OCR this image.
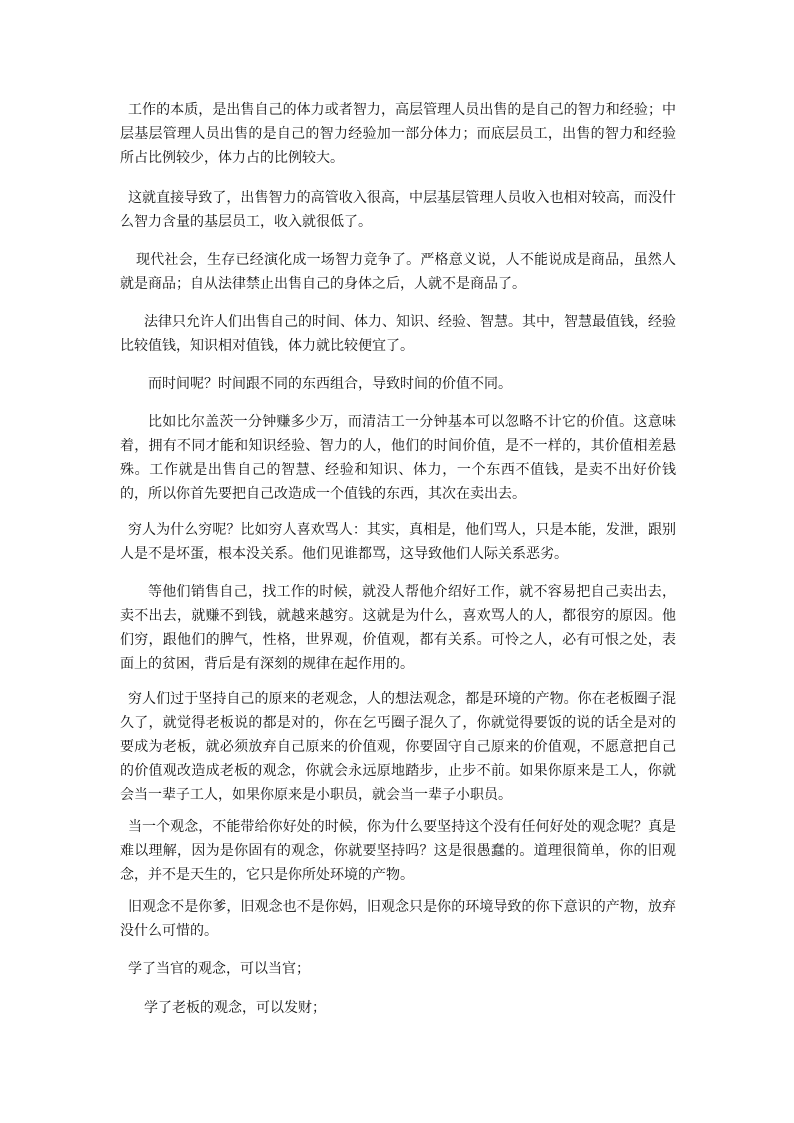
工作的本质，是出售自己的体力或者智力，高层管理人员出售的是自己的智力和经验；中层基层管理人员出售的是自己的智力经验加一部分体力；而底层员工，出售的智力和经验所占比例较少，体力占的比例较大。

这就直接导致了，出售智力的高管收入很高，中层基层管理人员收入也相对较高，而没什么智力含量的基层员工，收入就很低了。

现代社会，生存已经演化成一场智力竞争了。严格意义说，人不能说成是商品，虽然人就是商品；自从法律禁止出售自己的身体之后，人就不是商品了。

法律只允许人们出售自己的时间、体力、知识、经验、智慧。其中，智慧最值钱，经验比较值钱，知识相对值钱，体力就比较便宜了。

而时间呢？时间跟不同的东西组合，导致时间的价值不同。

比如比尔盖茨一分钟赚多少万，而清洁工一分钟基本可以忽略不计它的价值。这意味着，拥有不同才能和知识经验、智力的人，他们的时间价值，是不一样的，其价值相差悬殊。工作就是出售自己的智慧、经验和知识、体力，一个东西不值钱，是卖不出好价钱的，所以你首先要把自己改造成一个值钱的东西，其次在卖出去。

穷人为什么穷呢？比如穷人喜欢骂人：其实，真相是，他们骂人，只是本能，发泄，跟别人是不是坏蛋，根本没关系。他们见谁都骂，这导致他们人际关系恶劣。

等他们销售自己，找工作的时候，就没人帮他介绍好工作，就不容易把自己卖出去，卖不出去，就赚不到钱，就越来越穷。这就是为什么，喜欢骂人的人，都很穷的原因。他们穷，跟他们的脾气，性格，世界观，价值观，都有关系。可怜之人，必有可恨之处，表面上的贫困，背后是有深刻的规律在起作用的。

穷人们过于坚持自己的原来的老观念，人的想法观念，都是环境的产物。你在老板圈子混久了，就觉得老板说的都是对的，你在乞丐圈子混久了，你就觉得要饭的说的话全是对的要成为老板，就必须放弃自己原来的价值观，你要固守自己原来的价值观，不愿意把自己的价值观改造成老板的观念，你就会永远原地踏步，止步不前。如果你原来是工人，你就会当一辈子工人，如果你原来是小职员，就会当一辈子小职员。

当一个观念，不能带给你好处的时候，你为什么要坚持这个没有任何好处的观念呢？真是难以理解，因为是你固有的观念，你就要坚持吗？这是很愚蠢的。道理很简单，你的旧观念，并不是天生的，它只是你所处环境的产物。

旧观念不是你爹，旧观念也不是你妈，旧观念只是你的环境导致的你下意识的产物，放弃没什么可惜的。

学了当官的观念，可以当官；

学了老板的观念，可以发财；
